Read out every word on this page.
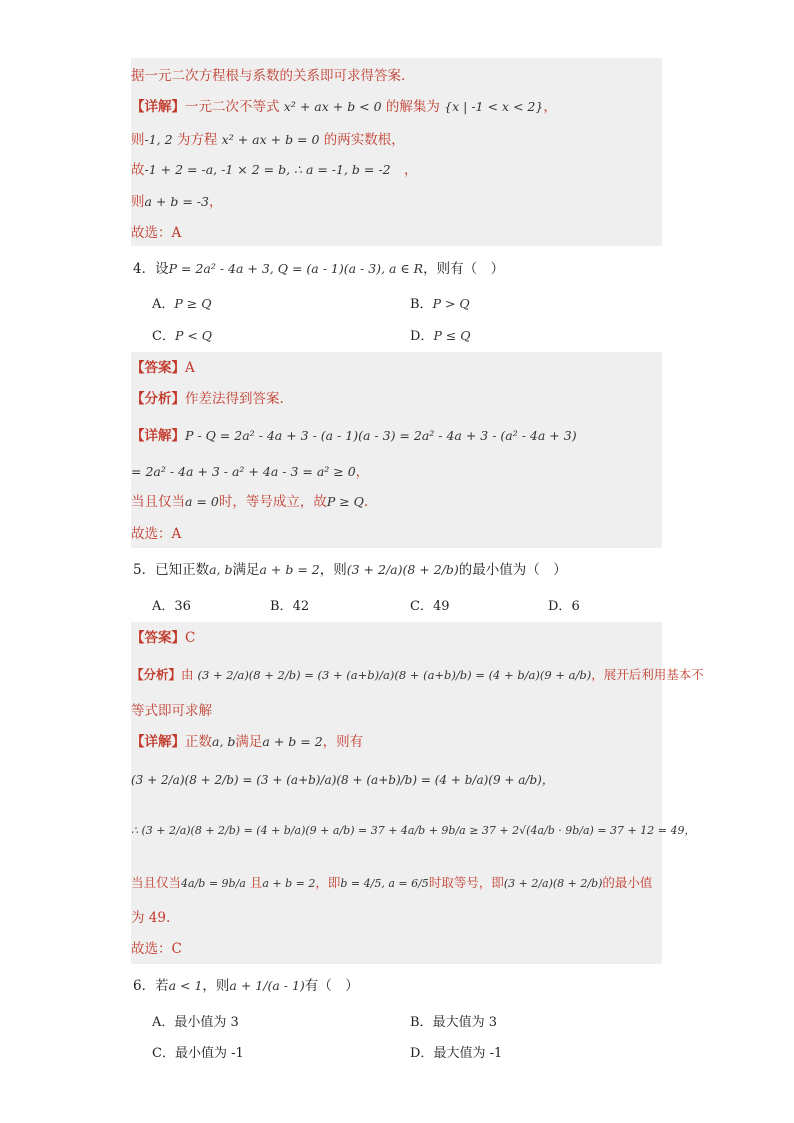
据一元二次方程根与系数的关系即可求得答案.
【详解】一元二次不等式 x² + ax + b < 0 的解集为 {x | -1 < x < 2}，
则-1, 2 为方程 x² + ax + b = 0 的两实数根，
故-1 + 2 = -a, -1 × 2 = b, ∴ a = -1, b = -2　，
则a + b = -3，
故选：A
4．设P = 2a² - 4a + 3, Q = (a - 1)(a - 3), a ∈ R，则有（　）
A．P ≥ Q	B．P > Q
C．P < Q	D．P ≤ Q
【答案】A
【分析】作差法得到答案.
【详解】P - Q = 2a² - 4a + 3 - (a - 1)(a - 3) = 2a² - 4a + 3 - (a² - 4a + 3)
= 2a² - 4a + 3 - a² + 4a - 3 = a² ≥ 0，
当且仅当a = 0时，等号成立，故P ≥ Q.
故选：A
5．已知正数a, b满足a + b = 2，则(3 + 2/a)(8 + 2/b)的最小值为（　）
A．36	B．42	C．49	D．6
【答案】C
【分析】由 (3 + 2/a)(8 + 2/b) = (3 + (a+b)/a)(8 + (a+b)/b) = (4 + b/a)(9 + a/b)，展开后利用基本不
等式即可求解
【详解】正数a, b满足a + b = 2，则有
(3 + 2/a)(8 + 2/b) = (3 + (a+b)/a)(8 + (a+b)/b) = (4 + b/a)(9 + a/b)，
∴ (3 + 2/a)(8 + 2/b) = (4 + b/a)(9 + a/b) = 37 + 4a/b + 9b/a ≥ 37 + 2√(4a/b · 9b/a) = 37 + 12 = 49，
当且仅当4a/b = 9b/a 且a + b = 2，即b = 4/5, a = 6/5时取等号，即(3 + 2/a)(8 + 2/b)的最小值
为 49.
故选：C
6．若a < 1，则a + 1/(a - 1)有（　）
A．最小值为 3	B．最大值为 3
C．最小值为 -1	D．最大值为 -1
